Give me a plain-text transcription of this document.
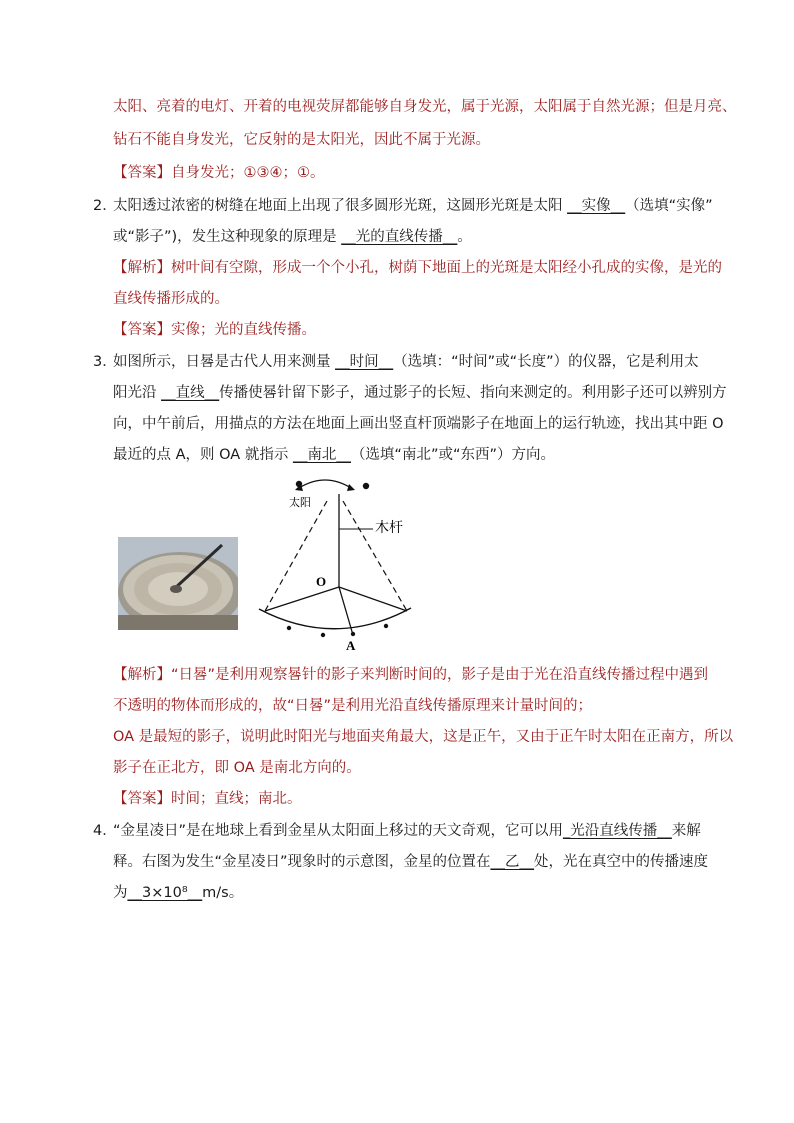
太阳、亮着的电灯、开着的电视荧屏都能够自身发光，属于光源，太阳属于自然光源；但是月亮、
钻石不能自身发光，它反射的是太阳光，因此不属于光源。
【答案】自身发光；①③④；①。
2．
太阳透过浓密的树缝在地面上出现了很多圆形光斑，这圆形光斑是太阳 __实像__（选填“实像”
或“影子”)，发生这种现象的原理是 __光的直线传播__。
【解析】树叶间有空隙，形成一个个小孔，树荫下地面上的光斑是太阳经小孔成的实像，是光的
直线传播形成的。
【答案】实像；光的直线传播。
3．
如图所示，日晷是古代人用来测量 __时间__（选填：“时间”或“长度”）的仪器，它是利用太
阳光沿 __直线__传播使晷针留下影子，通过影子的长短、指向来测定的。利用影子还可以辨别方
向，中午前后，用描点的方法在地面上画出竖直杆顶端影子在地面上的运行轨迹，找出其中距 O
最近的点 A，则 OA 就指示 __南北__（选填“南北”或“东西”）方向。
太阳
木杆
O
A
【解析】“日晷”是利用观察晷针的影子来判断时间的，影子是由于光在沿直线传播过程中遇到
不透明的物体而形成的，故“日晷”是利用光沿直线传播原理来计量时间的；
OA 是最短的影子，说明此时阳光与地面夹角最大，这是正午，又由于正午时太阳在正南方，所以
影子在正北方，即 OA 是南北方向的。
【答案】时间；直线；南北。
4．
“金星凌日”是在地球上看到金星从太阳面上移过的天文奇观，它可以用_光沿直线传播__来解
释。右图为发生“金星凌日”现象时的示意图，金星的位置在__乙__处，光在真空中的传播速度
为__3×10⁸__m/s。
